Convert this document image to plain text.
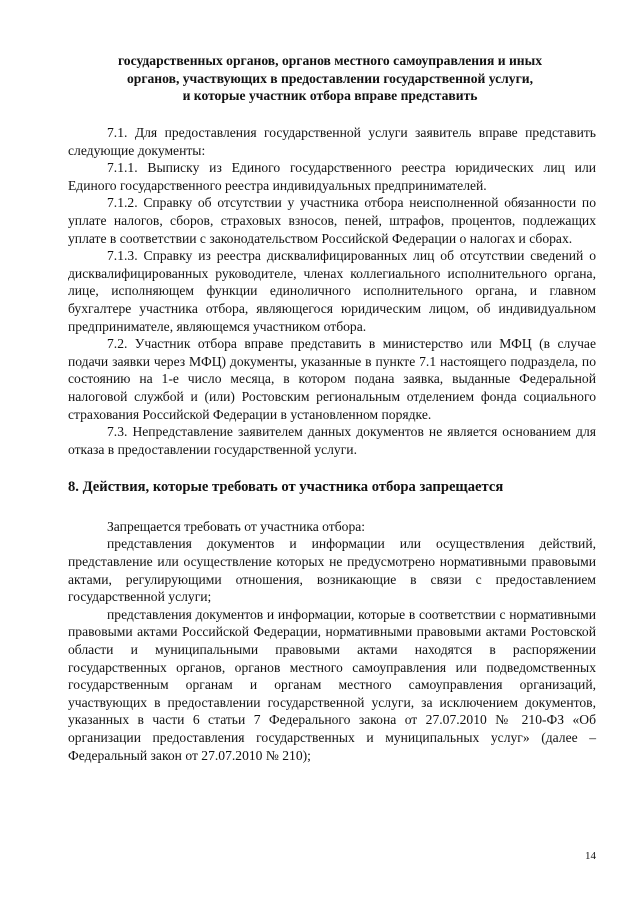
государственных органов, органов местного самоуправления и иных
органов, участвующих в предоставлении государственной услуги,
и которые участник отбора вправе представить

7.1. Для предоставления государственной услуги заявитель вправе представить следующие документы:

7.1.1. Выписку из Единого государственного реестра юридических лиц или Единого государственного реестра индивидуальных предпринимателей.

7.1.2. Справку об отсутствии у участника отбора неисполненной обязанности по уплате налогов, сборов, страховых взносов, пеней, штрафов, процентов, подлежащих уплате в соответствии с законодательством Российской Федерации о налогах и сборах.

7.1.3. Справку из реестра дисквалифицированных лиц об отсутствии сведений о дисквалифицированных руководителе, членах коллегиального исполнительного органа, лице, исполняющем функции единоличного исполнительного органа, и главном бухгалтере участника отбора, являющегося юридическим лицом, об индивидуальном предпринимателе, являющемся участником отбора.

7.2. Участник отбора вправе представить в министерство или МФЦ (в случае подачи заявки через МФЦ) документы, указанные в пункте 7.1 настоящего подраздела, по состоянию на 1-е число месяца, в котором подана заявка, выданные Федеральной налоговой службой и (или) Ростовским региональным отделением фонда социального страхования Российской Федерации в установленном порядке.

7.3. Непредставление заявителем данных документов не является основанием для отказа в предоставлении государственной услуги.

8. Действия, которые требовать от участника отбора запрещается

Запрещается требовать от участника отбора:

представления документов и информации или осуществления действий, представление или осуществление которых не предусмотрено нормативными правовыми актами, регулирующими отношения, возникающие в связи с предоставлением государственной услуги;

представления документов и информации, которые в соответствии с нормативными правовыми актами Российской Федерации, нормативными правовыми актами Ростовской области и муниципальными правовыми актами находятся в распоряжении государственных органов, органов местного самоуправления или подведомственных государственным органам и органам местного самоуправления организаций, участвующих в предоставлении государственной услуги, за исключением документов, указанных в части 6 статьи 7 Федерального закона от 27.07.2010 № 210-ФЗ «Об организации предоставления государственных и муниципальных услуг» (далее – Федеральный закон от 27.07.2010 № 210);

14
